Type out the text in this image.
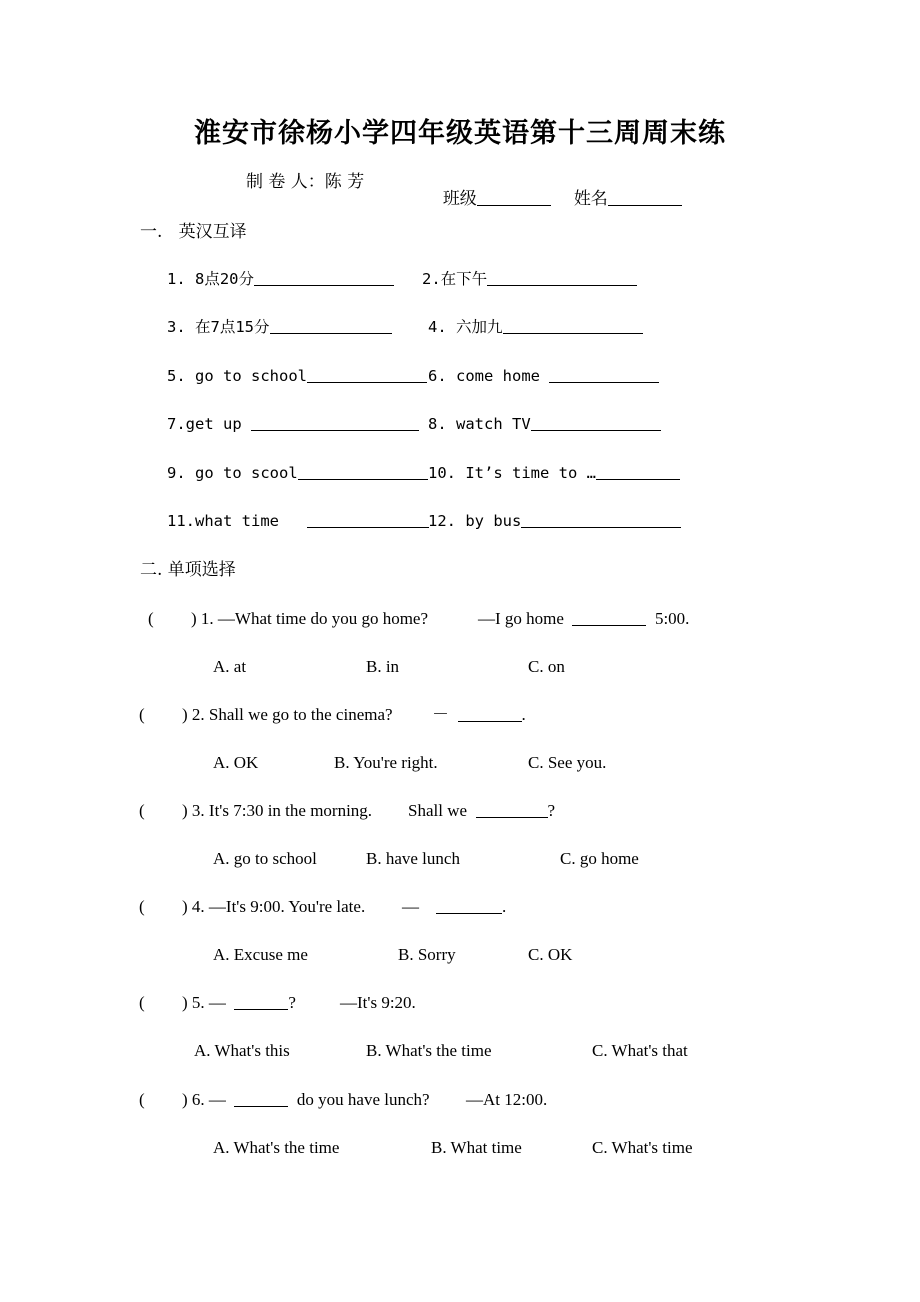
淮安市徐杨小学四年级英语第十三周周末练
制 卷 人：陈 芳

班级	姓名

一.   英汉互译
1. 8点20分	2.在下午
3. 在7点15分	4. 六加九
5. go to school	6. come home
7.get up	8. watch TV
9. go to scool	10. It’s time to …
11.what time	12. by bus
二. 单项选择
( ) 1. —What time do you go home?	—I go home	5:00.
A. at	B. in	C. on
( ) 2. Shall we go to the cinema? －	.
A. OK	B. You're right.	C. See you.
( ) 3. It's 7:30 in the morning. Shall we	?
A. go to school	B. have lunch	C. go home
( ) 4. —It's 9:00. You're late. —	.
A. Excuse me	B. Sorry	C. OK
( ) 5. —	?	—It's 9:20.
A. What's this	B. What's the time	C. What's that
( ) 6. —	do you have lunch? —At 12:00.
A. What's the time	B. What time	C. What's time
